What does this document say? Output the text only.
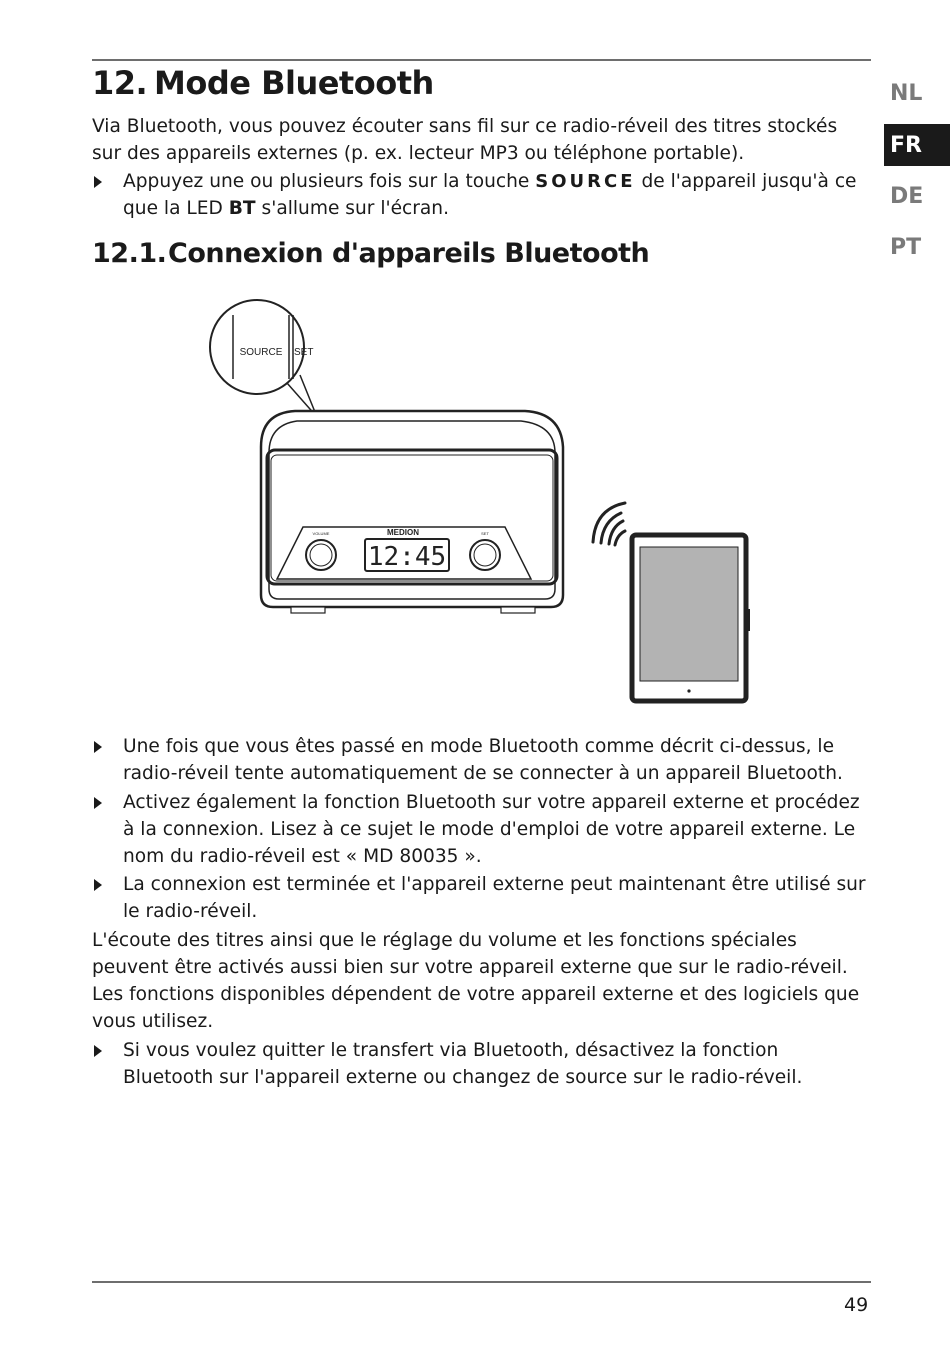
NL
FR
DE
PT
12. Mode Bluetooth

Via Bluetooth, vous pouvez écouter sans fil sur ce radio-réveil des titres stockés sur des appareils externes (p. ex. lecteur MP3 ou téléphone portable).

Appuyez une ou plusieurs fois sur la touche SOURCE de l'appareil jusqu'à ce que la LED BT s'allume sur l'écran.
12.1.Connexion d'appareils Bluetooth
SOURCE SET
MEDION
VOLUME	SET
12:45
Une fois que vous êtes passé en mode Bluetooth comme décrit ci-dessus, le radio-réveil tente automatiquement de se connecter à un appareil Bluetooth.
Activez également la fonction Bluetooth sur votre appareil externe et procédez à la connexion. Lisez à ce sujet le mode d'emploi de votre appareil externe. Le nom du radio-réveil est « MD 80035 ».
La connexion est terminée et l'appareil externe peut maintenant être utilisé sur le radio-réveil.

L'écoute des titres ainsi que le réglage du volume et les fonctions spéciales peuvent être activés aussi bien sur votre appareil externe que sur le radio-réveil. Les fonctions disponibles dépendent de votre appareil externe et des logiciels que vous utilisez.

Si vous voulez quitter le transfert via Bluetooth, désactivez la fonction Bluetooth sur l'appareil externe ou changez de source sur le radio-réveil.
49
